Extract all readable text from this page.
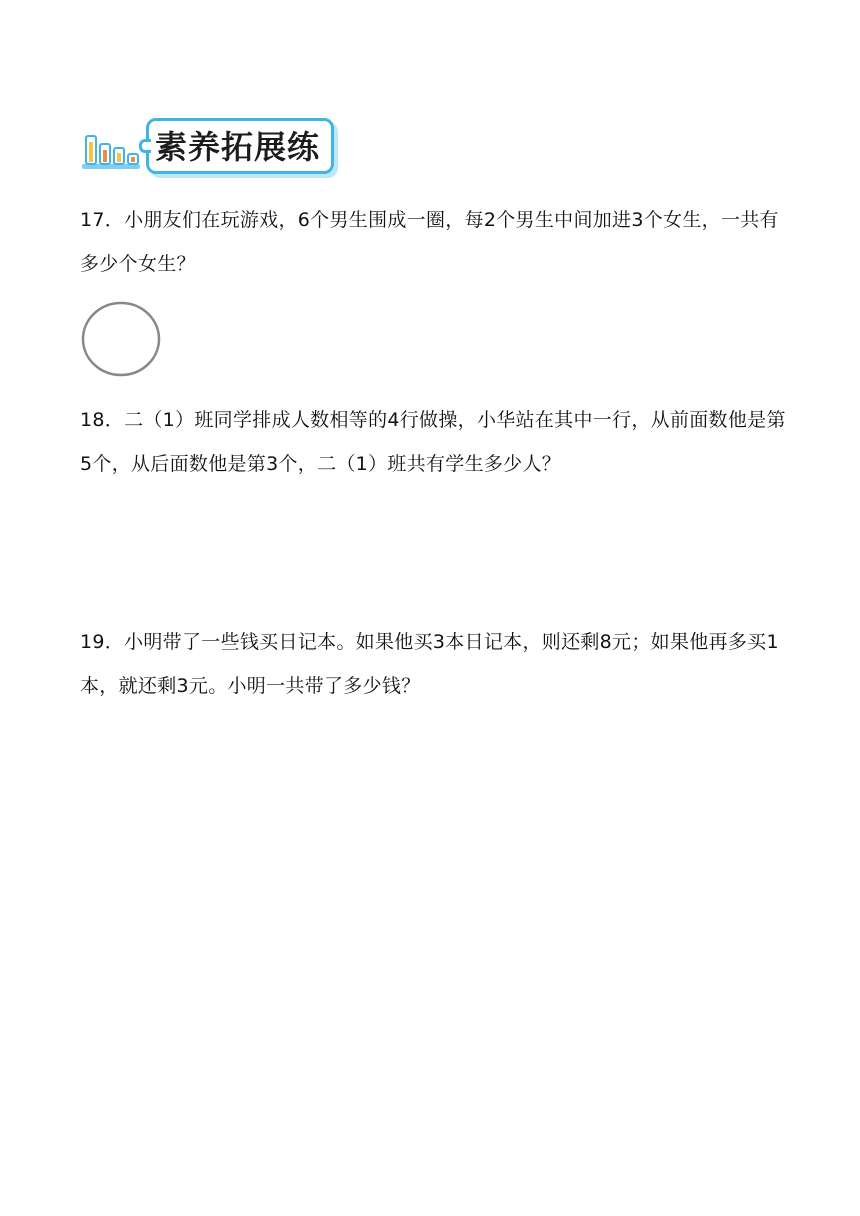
素养拓展练
17．小朋友们在玩游戏，6个男生围成一圈，每2个男生中间加进3个女生，一共有多少个女生？
18．二（1）班同学排成人数相等的4行做操，小华站在其中一行，从前面数他是第5个，从后面数他是第3个，二（1）班共有学生多少人？
19．小明带了一些钱买日记本。如果他买3本日记本，则还剩8元；如果他再多买1本，就还剩3元。小明一共带了多少钱？
